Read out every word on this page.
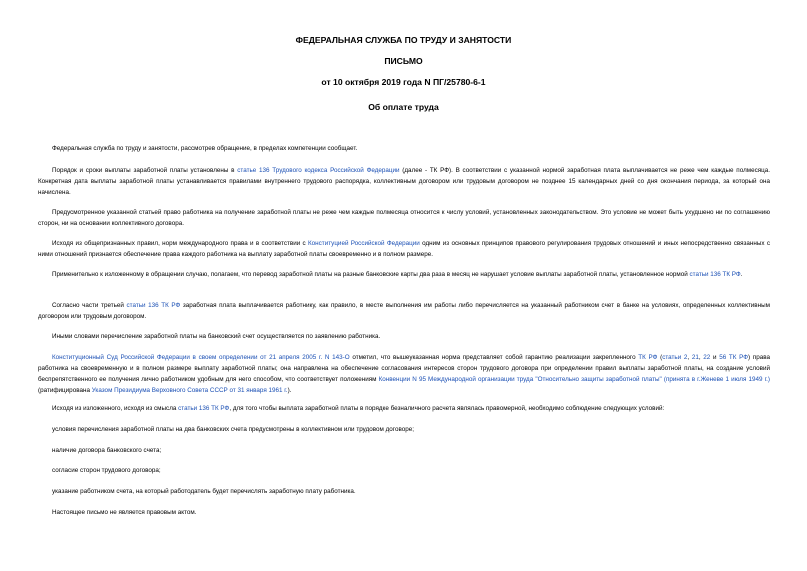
ФЕДЕРАЛЬНАЯ СЛУЖБА ПО ТРУДУ И ЗАНЯТОСТИ
ПИСЬМО
от 10 октября 2019 года N ПГ/25780-6-1
Об оплате труда

Федеральная служба по труду и занятости, рассмотрев обращение, в пределах компетенции сообщает.

Порядок и сроки выплаты заработной платы установлены в статье 136 Трудового кодекса Российской Федерации (далее - ТК РФ). В соответствии с указанной нормой заработная плата выплачивается не реже чем каждые полмесяца. Конкретная дата выплаты заработной платы устанавливается правилами внутреннего трудового распорядка, коллективным договором или трудовым договором не позднее 15 календарных дней со дня окончания периода, за который она начислена.

Предусмотренное указанной статьей право работника на получение заработной платы не реже чем каждые полмесяца относится к числу условий, установленных законодательством. Это условие не может быть ухудшено ни по соглашению сторон, ни на основании коллективного договора.

Исходя из общепризнанных правил, норм международного права и в соответствии с Конституцией Российской Федерации одним из основных принципов правового регулирования трудовых отношений и иных непосредственно связанных с ними отношений признается обеспечение права каждого работника на выплату заработной платы своевременно и в полном размере.

Применительно к изложенному в обращении случаю, полагаем, что перевод заработной платы на разные банковские карты два раза в месяц не нарушает условие выплаты заработной платы, установленное нормой статьи 136 ТК РФ.

Согласно части третьей статьи 136 ТК РФ заработная плата выплачивается работнику, как правило, в месте выполнения им работы либо перечисляется на указанный работником счет в банке на условиях, определенных коллективным договором или трудовым договором.

Иными словами перечисление заработной платы на банковский счет осуществляется по заявлению работника.

Конституционный Суд Российской Федерации в своем определении от 21 апреля 2005 г. N 143-О отметил, что вышеуказанная норма представляет собой гарантию реализации закрепленного ТК РФ (статьи 2, 21, 22 и 56 ТК РФ) права работника на своевременную и в полном размере выплату заработной платы; она направлена на обеспечение согласования интересов сторон трудового договора при определении правил выплаты заработной платы, на создание условий беспрепятственного ее получения лично работником удобным для него способом, что соответствует положениям Конвенции N 95 Международной организации труда "Относительно защиты заработной платы" (принята в г.Женеве 1 июля 1949 г.) (ратифицирована Указом Президиума Верховного Совета СССР от 31 января 1961 г.).

Исходя из изложенного, исходя из смысла статьи 136 ТК РФ, для того чтобы выплата заработной платы в порядке безналичного расчета являлась правомерной, необходимо соблюдение следующих условий:

условия перечисления заработной платы на два банковских счета предусмотрены в коллективном или трудовом договоре;

наличие договора банковского счета;

согласие сторон трудового договора;

указание работником счета, на который работодатель будет перечислять заработную плату работника.

Настоящее письмо не является правовым актом.
